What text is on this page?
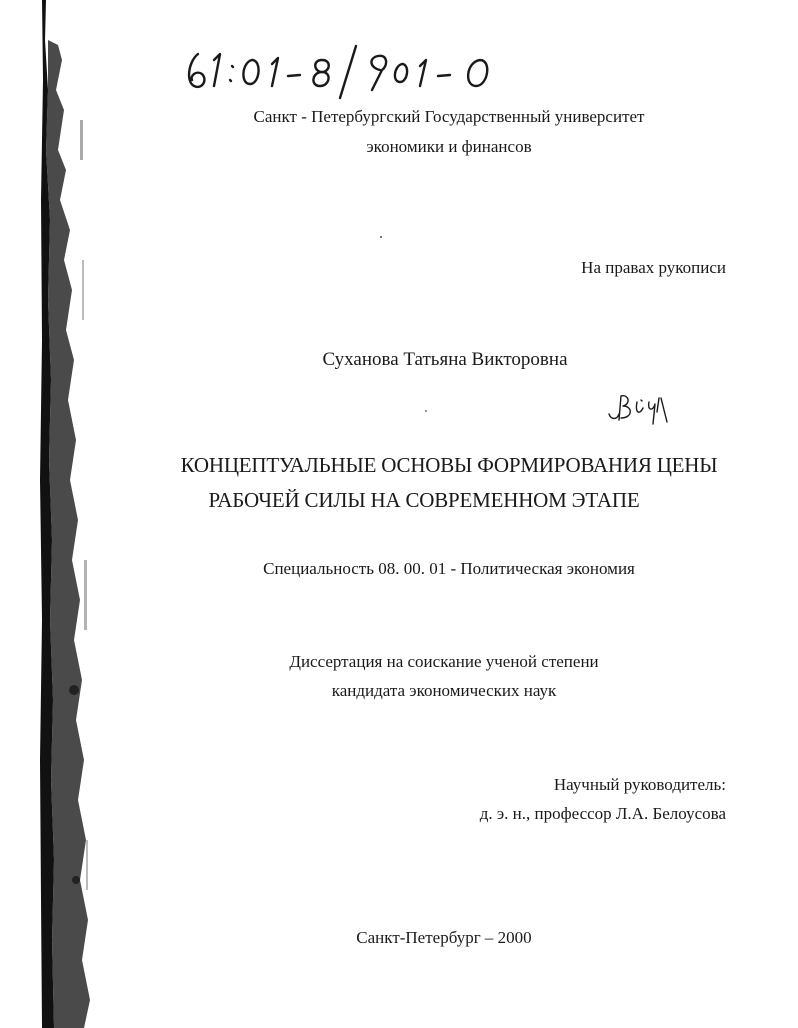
Санкт - Петербургский Государственный университет
экономики и финансов
На правах рукописи
Суханова Татьяна Викторовна
КОНЦЕПТУАЛЬНЫЕ ОСНОВЫ ФОРМИРОВАНИЯ ЦЕНЫ
РАБОЧЕЙ СИЛЫ НА СОВРЕМЕННОМ ЭТАПЕ
Специальность 08. 00. 01 - Политическая экономия
Диссертация на соискание ученой степени
кандидата экономических наук
Научный руководитель:
д. э. н., профессор Л.А. Белоусова
Санкт-Петербург – 2000
